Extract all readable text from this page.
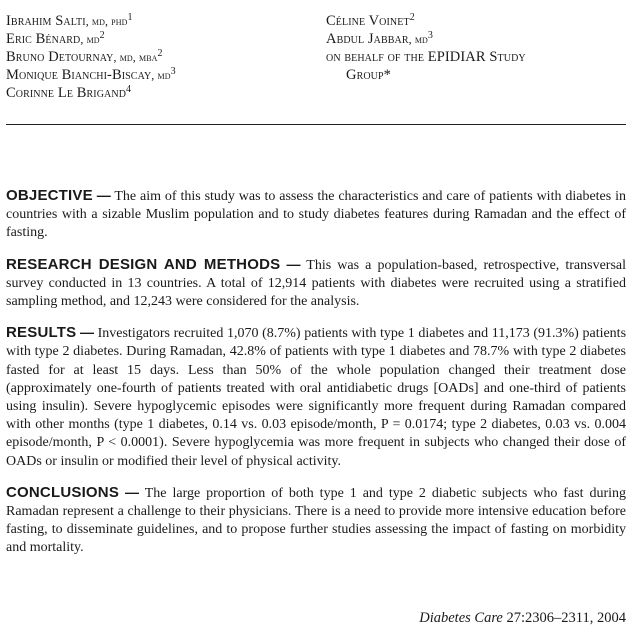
Ibrahim Salti, md, phd$^1$
Eric Bénard, $md^2$
Bruno Detournay, md, mba$^2$
Monique Bianchi-Biscay, $md^3$
Corinne Le Brigand$^4$
Céline Voinet$^2$
Abdul Jabbar, $md^3$
on behalf of the EPIDIAR Study
Group*

OBJECTIVE — The aim of this study was to assess the characteristics and care of patients with diabetes in countries with a sizable Muslim population and to study diabetes features during Ramadan and the effect of fasting.

RESEARCH DESIGN AND METHODS — This was a population-based, retrospective, transversal survey conducted in 13 countries. A total of 12,914 patients with diabetes were recruited using a stratified sampling method, and 12,243 were considered for the analysis.

RESULTS — Investigators recruited 1,070 (8.7%) patients with type 1 diabetes and 11,173 (91.3%) patients with type 2 diabetes. During Ramadan, 42.8% of patients with type 1 diabetes and 78.7% with type 2 diabetes fasted for at least 15 days. Less than 50% of the whole population changed their treatment dose (approximately one-fourth of patients treated with oral antidiabetic drugs [OADs] and one-third of patients using insulin). Severe hypoglycemic episodes were significantly more frequent during Ramadan compared with other months (type 1 diabetes, 0.14 vs. 0.03 episode/month, P = 0.0174; type 2 diabetes, 0.03 vs. 0.004 episode/month, P < 0.0001). Severe hypoglycemia was more frequent in subjects who changed their dose of OADs or insulin or modified their level of physical activity.

CONCLUSIONS — The large proportion of both type 1 and type 2 diabetic subjects who fast during Ramadan represent a challenge to their physicians. There is a need to provide more intensive education before fasting, to disseminate guidelines, and to propose further studies assessing the impact of fasting on morbidity and mortality.

Diabetes Care 27:2306–2311, 2004
